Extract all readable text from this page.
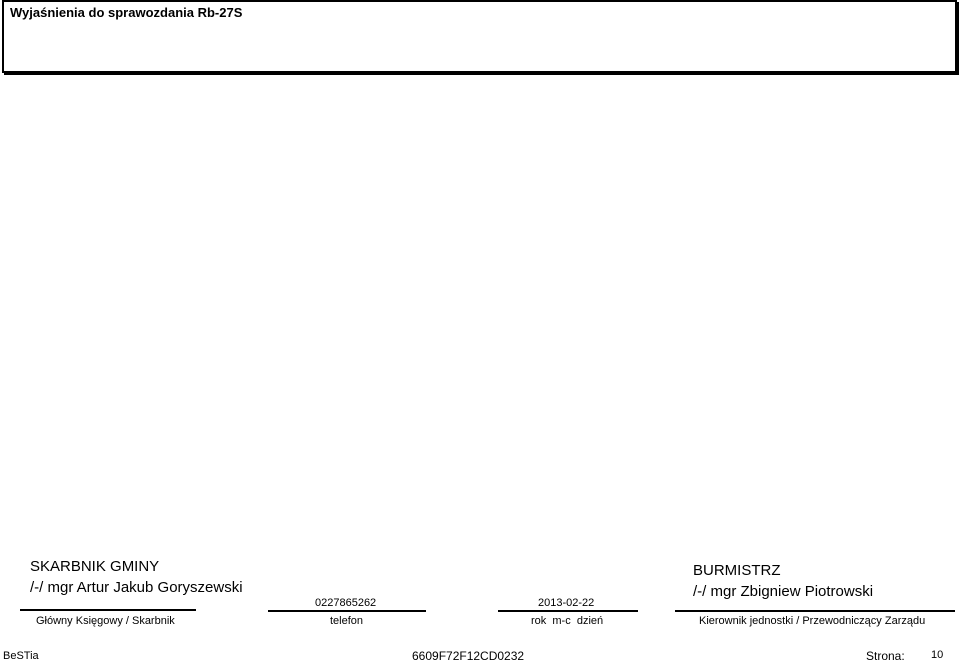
Wyjaśnienia do sprawozdania Rb-27S
SKARBNIK GMINY
/-/ mgr Artur Jakub Goryszewski
Główny Księgowy / Skarbnik
0227865262
telefon
2013-02-22
rok  m-c  dzień
BURMISTRZ
/-/ mgr Zbigniew Piotrowski
Kierownik jednostki / Przewodniczący Zarządu
BeSTia	6609F72F12CD0232	Strona: 10
